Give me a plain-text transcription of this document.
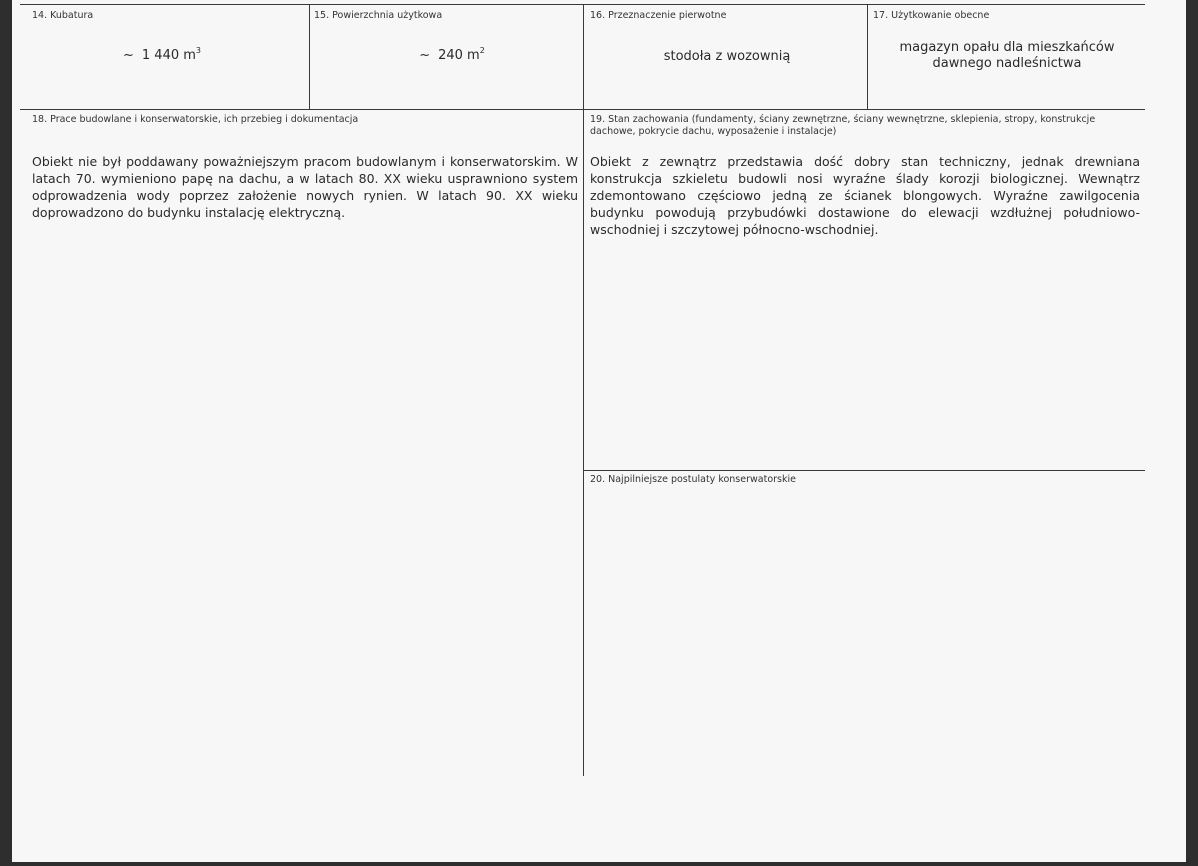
14. Kubatura
~ 1 440 $m^3$
15. Powierzchnia użytkowa
~ 240 $m^2$
16. Przeznaczenie pierwotne
stodoła z wozownią
17. Użytkowanie obecne
magazyn opału dla mieszkańców dawnego nadleśnictwa
18. Prace budowlane i konserwatorskie, ich przebieg i dokumentacja
Obiekt nie był poddawany poważniejszym pracom budowlanym i konserwatorskim. W latach 70. wymieniono papę na dachu, a w latach 80. XX wieku usprawniono system odprowadzenia wody poprzez założenie nowych rynien. W latach 90. XX wieku doprowadzono do budynku instalację elektryczną.
19. Stan zachowania (fundamenty, ściany zewnętrzne, ściany wewnętrzne, sklepienia, stropy, konstrukcje dachowe, pokrycie dachu, wyposażenie i instalacje)
Obiekt z zewnątrz przedstawia dość dobry stan techniczny, jednak drewniana konstrukcja szkieletu budowli nosi wyraźne ślady korozji biologicznej. Wewnątrz zdemontowano częściowo jedną ze ścianek blongowych. Wyraźne zawilgocenia budynku powodują przybudówki dostawione do elewacji wzdłużnej południowo-wschodniej i szczytowej północno-wschodniej.
20. Najpilniejsze postulaty konserwatorskie
